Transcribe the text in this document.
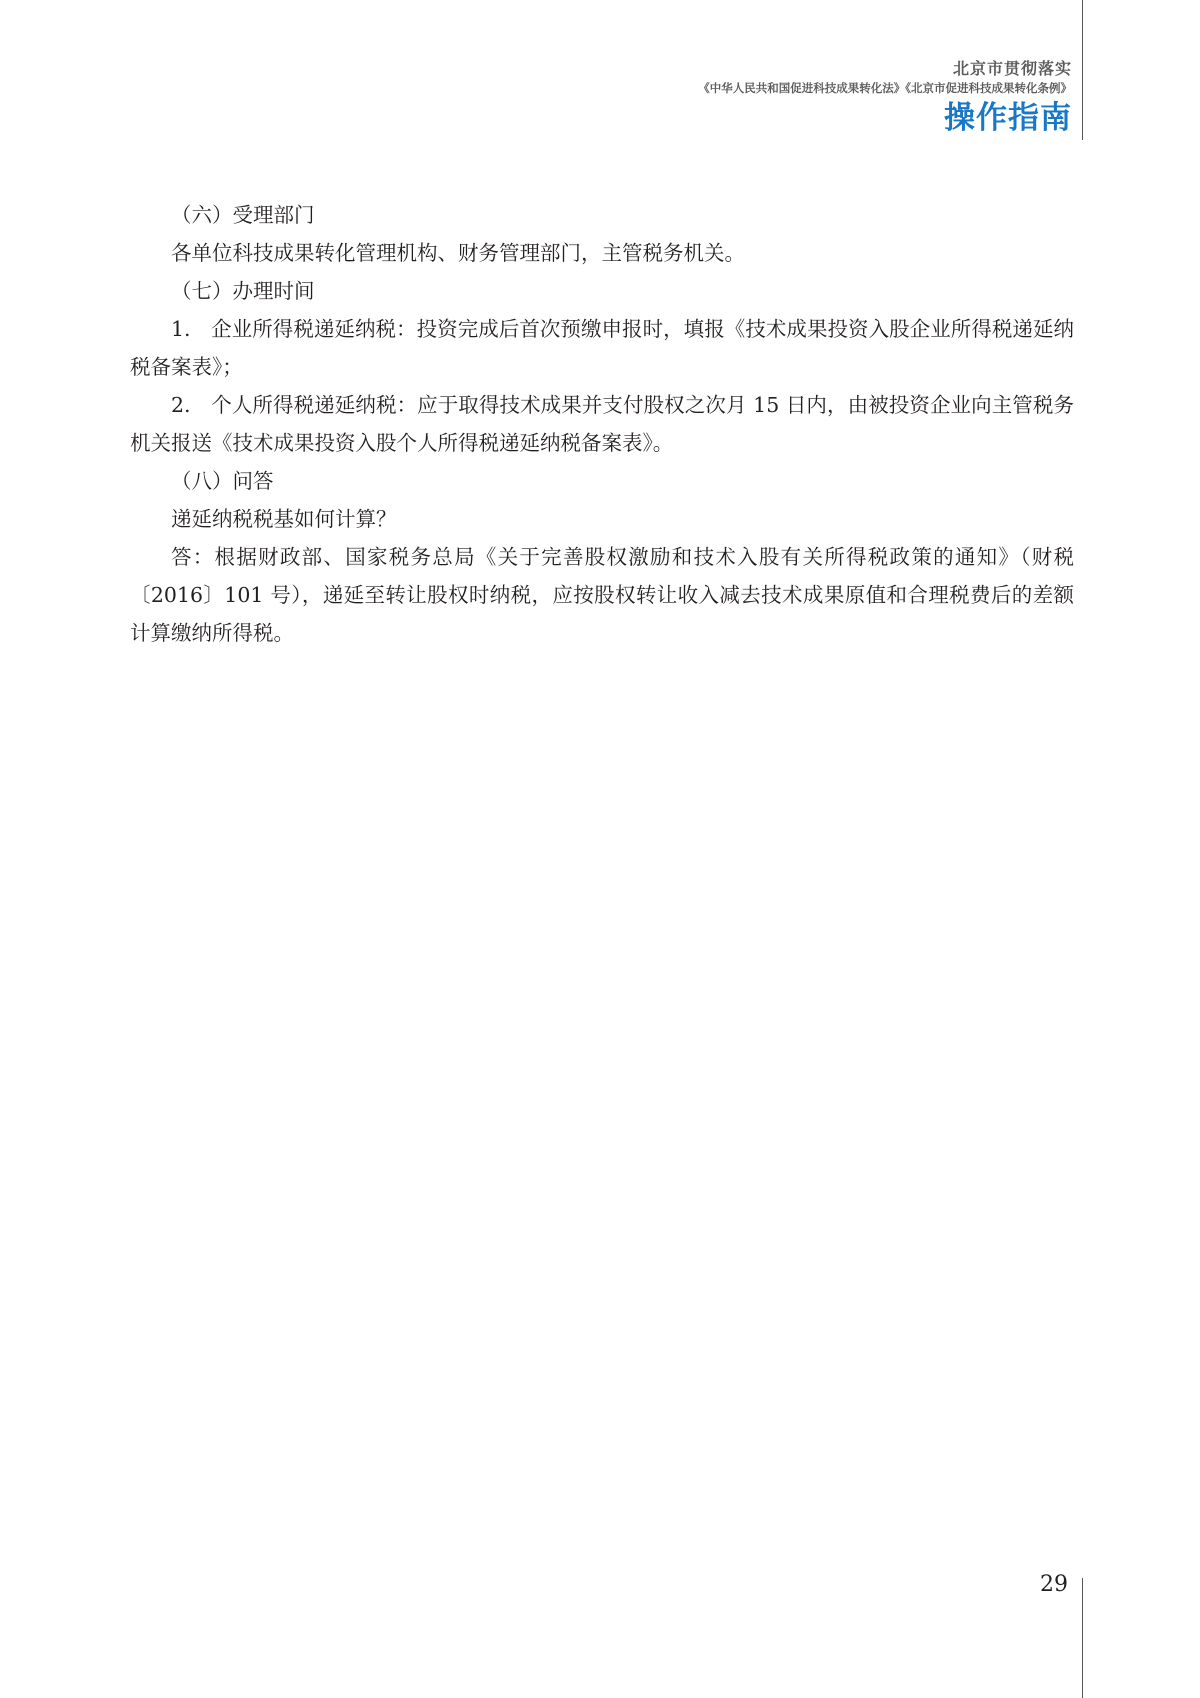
北京市贯彻落实
《中华人民共和国促进科技成果转化法》《北京市促进科技成果转化条例》
操作指南

（六）受理部门

各单位科技成果转化管理机构、财务管理部门，主管税务机关。

（七）办理时间

1.　企业所得税递延纳税：投资完成后首次预缴申报时，填报《技术成果投资入股企业所得税递延纳税备案表》；

2.　个人所得税递延纳税：应于取得技术成果并支付股权之次月 15 日内，由被投资企业向主管税务机关报送《技术成果投资入股个人所得税递延纳税备案表》。

（八）问答

递延纳税税基如何计算？

答：根据财政部、国家税务总局《关于完善股权激励和技术入股有关所得税政策的通知》（财税〔2016〕101 号），递延至转让股权时纳税，应按股权转让收入减去技术成果原值和合理税费后的差额计算缴纳所得税。

29
